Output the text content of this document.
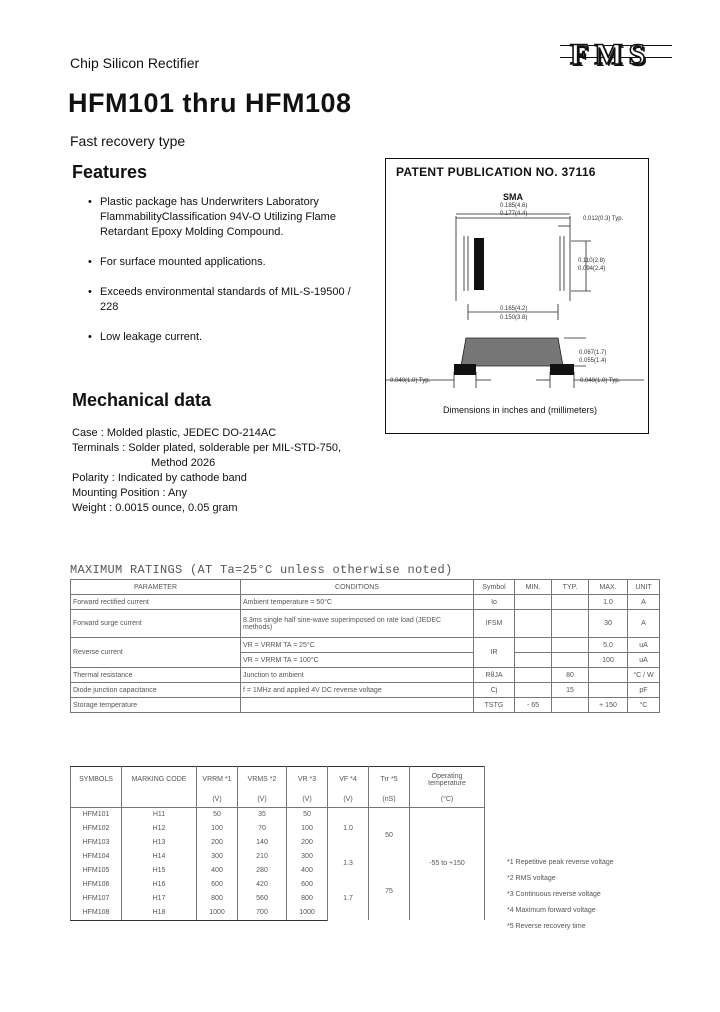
Chip Silicon Rectifier	FMS
HFM101 thru HFM108
Fast recovery type
Features
• Plastic package has Underwriters Laboratory FlammabilityClassification 94V-O Utilizing Flame Retardant Epoxy Molding Compound.
• For surface mounted applications.
• Exceeds environmental standards of MIL-S-19500 / 228
• Low leakage current.
Mechanical data
Case : Molded plastic, JEDEC DO-214AC
Terminals : Solder plated, solderable per MIL-STD-750,
Method 2026
Polarity : Indicated by cathode band
Mounting Position : Any
Weight : 0.0015 ounce, 0.05 gram
PATENT PUBLICATION NO. 37116
SMA
0.185(4.6)
0.177(4.4)
0.012(0.3) Typ.
0.110(2.8)
0.094(2.4)
0.165(4.2)
0.150(3.8)
0.067(1.7)
0.055(1.4)
0.040(1.0) Typ.	0.040(1.0) Typ.
Dimensions in inches and (millimeters)
MAXIMUM RATINGS (AT Ta=25°C unless otherwise noted)
PARAMETER	CONDITIONS	Symbol	MIN.	TYP.	MAX.	UNIT
Forward rectified current	Ambient temperature = 50°C	Io			1.0	A
Forward surge current	8.3ms single half sine-wave superimposed on rate load (JEDEC methods)	IFSM			30	A
Reverse current	VR = VRRM TA = 25°C	IR			5.0	uA
	VR = VRRM TA = 100°C				100	uA
Thermal resistance	Junction to ambient	RθJA		80		°C / W
Diode junction capacitance	f = 1MHz and applied 4V DC reverse voltage	Cj		15		pF
Storage temperature		TSTG	- 65		+ 150	°C
SYMBOLS	MARKING CODE	VRRM *1	VRMS *2	VR *3	VF *4	Trr *5	Operating temperature
		(V)	(V)	(V)	(V)	(nS)	(°C)
HFM101	H11	50	35	50	1.0	50	-55 to +150
HFM102	H12	100	70	100			
HFM103	H13	200	140	200			
HFM104	H14	300	210	300	1.3		
HFM105	H15	400	280	400		75	
HFM106	H16	600	420	600	1.7		
HFM107	H17	800	560	800			
HFM108	H18	1000	700	1000			
*1 Repetitive peak reverse voltage
*2 RMS voltage
*3 Continuous reverse voltage
*4 Maximum forward voltage
*5 Reverse recovery time
